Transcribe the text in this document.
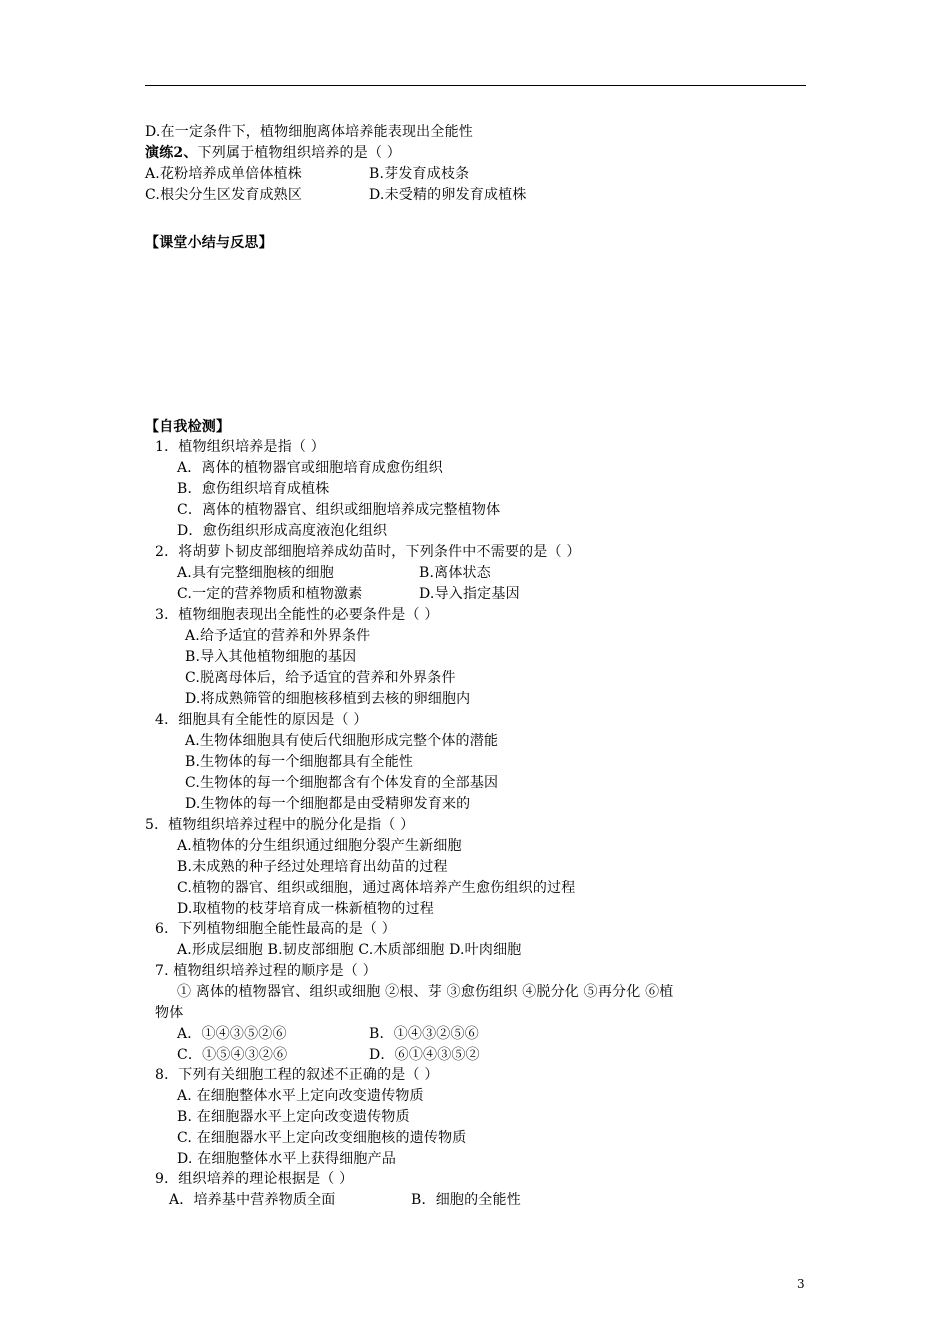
D.在一定条件下，植物细胞离体培养能表现出全能性
演练2、下列属于植物组织培养的是（ ）
A.花粉培养成单倍体植株	B.芽发育成枝条
C.根尖分生区发育成熟区	D.未受精的卵发育成植株
【课堂小结与反思】
【自我检测】
1．植物组织培养是指（ ）
A．离体的植物器官或细胞培育成愈伤组织
B．愈伤组织培育成植株
C．离体的植物器官、组织或细胞培养成完整植物体
D．愈伤组织形成高度液泡化组织
2．将胡萝卜韧皮部细胞培养成幼苗时，下列条件中不需要的是（ ）
A.具有完整细胞核的细胞	B.离体状态
C.一定的营养物质和植物激素	D.导入指定基因
3．植物细胞表现出全能性的必要条件是（ ）
A.给予适宜的营养和外界条件
B.导入其他植物细胞的基因
C.脱离母体后，给予适宜的营养和外界条件
D.将成熟筛管的细胞核移植到去核的卵细胞内
4．细胞具有全能性的原因是（ ）
A.生物体细胞具有使后代细胞形成完整个体的潜能
B.生物体的每一个细胞都具有全能性
C.生物体的每一个细胞都含有个体发育的全部基因
D.生物体的每一个细胞都是由受精卵发育来的
5．植物组织培养过程中的脱分化是指（ ）
A.植物体的分生组织通过细胞分裂产生新细胞
B.未成熟的种子经过处理培育出幼苗的过程
C.植物的器官、组织或细胞，通过离体培养产生愈伤组织的过程
D.取植物的枝芽培育成一株新植物的过程
6．下列植物细胞全能性最高的是（ ）
A.形成层细胞 B.韧皮部细胞 C.木质部细胞 D.叶肉细胞
7. 植物组织培养过程的顺序是（ ）
① 离体的植物器官、组织或细胞 ②根、芽 ③愈伤组织 ④脱分化 ⑤再分化 ⑥植
物体
A．①④③⑤②⑥	B．①④③②⑤⑥
C．①⑤④③②⑥	D．⑥①④③⑤②
8．下列有关细胞工程的叙述不正确的是（ ）
A. 在细胞整体水平上定向改变遗传物质
B. 在细胞器水平上定向改变遗传物质
C. 在细胞器水平上定向改变细胞核的遗传物质
D. 在细胞整体水平上获得细胞产品
9．组织培养的理论根据是（ ）
A．培养基中营养物质全面	B．细胞的全能性
3
